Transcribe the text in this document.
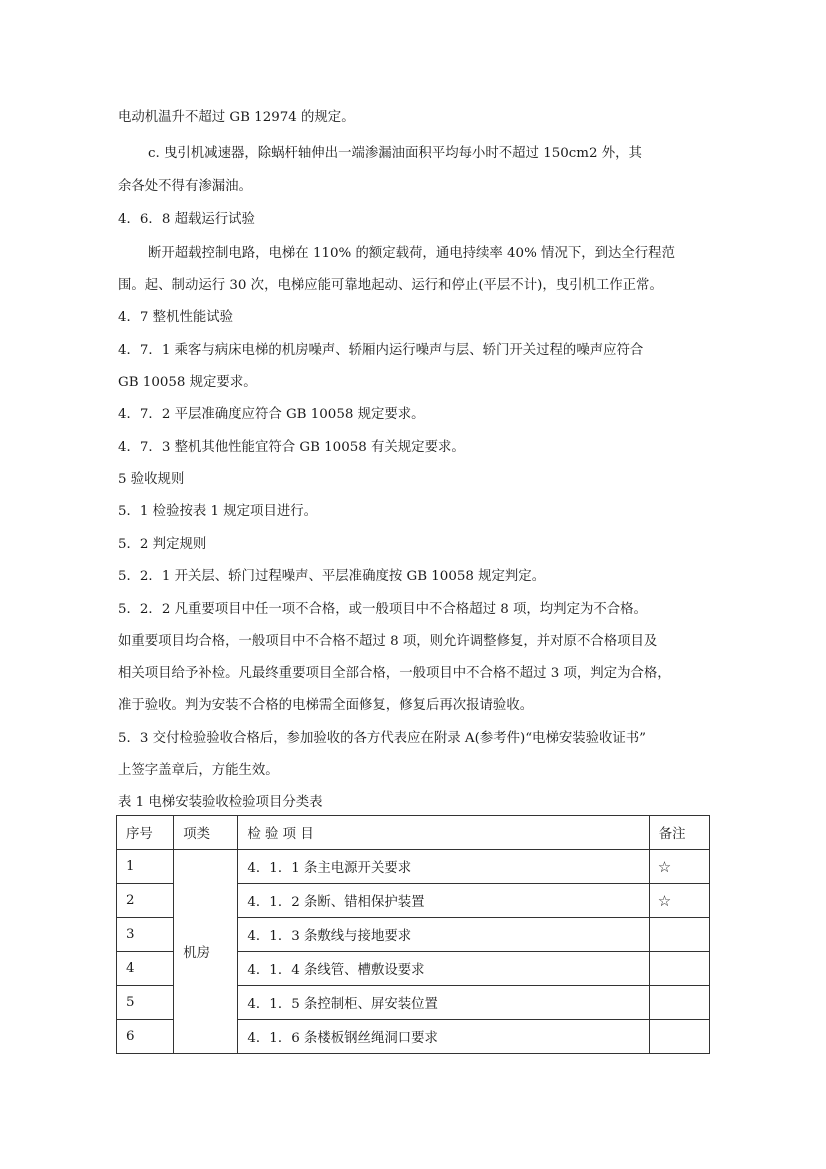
电动机温升不超过 GB 12974 的规定。
c. 曳引机减速器，除蜗杆轴伸出一端渗漏油面积平均每小时不超过 150cm2 外，其
余各处不得有渗漏油。
4．6．8 超载运行试验
断开超载控制电路，电梯在 110% 的额定载荷，通电持续率 40% 情况下，到达全行程范
围。起、制动运行 30 次，电梯应能可靠地起动、运行和停止(平层不计)，曳引机工作正常。
4．7 整机性能试验
4．7．1 乘客与病床电梯的机房噪声、轿厢内运行噪声与层、轿门开关过程的噪声应符合
GB 10058 规定要求。
4．7．2 平层准确度应符合 GB 10058 规定要求。
4．7．3 整机其他性能宜符合 GB 10058 有关规定要求。
5 验收规则
5．1 检验按表 1 规定项目进行。
5．2 判定规则
5．2．1 开关层、轿门过程噪声、平层准确度按 GB 10058 规定判定。
5．2．2 凡重要项目中任一项不合格，或一般项目中不合格超过 8 项，均判定为不合格。
如重要项目均合格，一般项目中不合格不超过 8 项，则允许调整修复，并对原不合格项目及
相关项目给予补检。凡最终重要项目全部合格，一般项目中不合格不超过 3 项，判定为合格，
准于验收。判为安装不合格的电梯需全面修复，修复后再次报请验收。
5．3 交付检验验收合格后，参加验收的各方代表应在附录 A(参考件)“电梯安装验收证书”
上签字盖章后，方能生效。
表 1 电梯安装验收检验项目分类表
序号	项类	检 验 项 目	备注
1	机房	4．1．1 条主电源开关要求	☆
2		4．1．2 条断、错相保护装置	☆
3		4．1．3 条敷线与接地要求	
4		4．1．4 条线管、槽敷设要求	
5		4．1．5 条控制柜、屏安装位置	
6		4．1．6 条楼板钢丝绳洞口要求	
